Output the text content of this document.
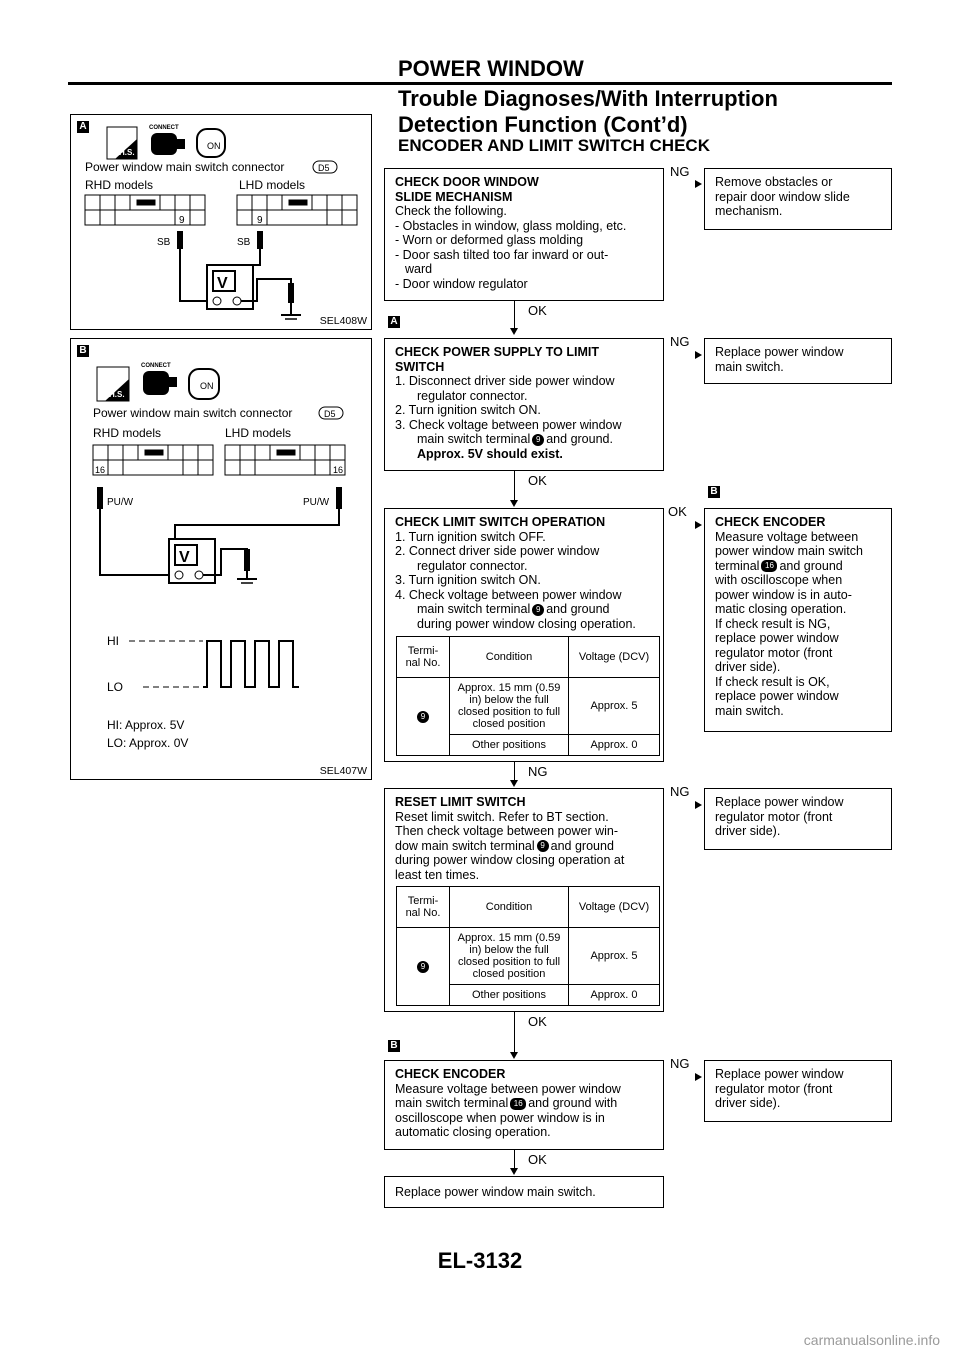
POWER WINDOW
Trouble Diagnoses/With Interruption
Detection Function (Cont’d)
ENCODER AND LIMIT SWITCH CHECK
A
H.S.
CONNECT
ON
Power window main switch connector	D5
RHD models	LHD models
9	9
SB	SB
V
SEL408W
B
H.S.
CONNECT
ON
Power window main switch connector	D5
RHD models	LHD models
16	16
PU/W	PU/W
V
HI
LO
HI: Approx. 5V
LO: Approx. 0V
SEL407W
CHECK DOOR WINDOW SLIDE MECHANISM
Check the following.
- Obstacles in window, glass molding, etc.
- Worn or deformed glass molding
- Door sash tilted too far inward or out-
ward
- Door window regulator
NG
Remove obstacles or
repair door window slide
mechanism.
OK
A
CHECK POWER SUPPLY TO LIMIT
SWITCH
1. Disconnect driver side power window
regulator connector.
2. Turn ignition switch ON.
3. Check voltage between power window
main switch terminal 9 and ground.
Approx. 5V should exist.
NG
Replace power window
main switch.
OK
CHECK LIMIT SWITCH OPERATION
1. Turn ignition switch OFF.
2. Connect driver side power window
regulator connector.
3. Turn ignition switch ON.
4. Check voltage between power window
main switch terminal 9 and ground
during power window closing operation.
Termi-
nal No.	Condition	Voltage (DCV)
9	Approx. 15 mm (0.59
in) below the full
closed position to full
closed position	Approx. 5
	Other positions	Approx. 0
OK
B
CHECK ENCODER
Measure voltage between
power window main switch
terminal 16 and ground
with oscilloscope when
power window is in auto-
matic closing operation.
If check result is NG,
replace power window
regulator motor (front
driver side).
If check result is OK,
replace power window
main switch.
NG
RESET LIMIT SWITCH
Reset limit switch. Refer to BT section.
Then check voltage between power win-
dow main switch terminal 9 and ground
during power window closing operation at
least ten times.
Termi-
nal No.	Condition	Voltage (DCV)
9	Approx. 15 mm (0.59
in) below the full
closed position to full
closed position	Approx. 5
	Other positions	Approx. 0
NG
Replace power window
regulator motor (front
driver side).
OK
B
CHECK ENCODER
Measure voltage between power window
main switch terminal 16 and ground with
oscilloscope when power window is in
automatic closing operation.
NG
Replace power window
regulator motor (front
driver side).
OK
Replace power window main switch.
EL-3132
carmanualsonline.info
